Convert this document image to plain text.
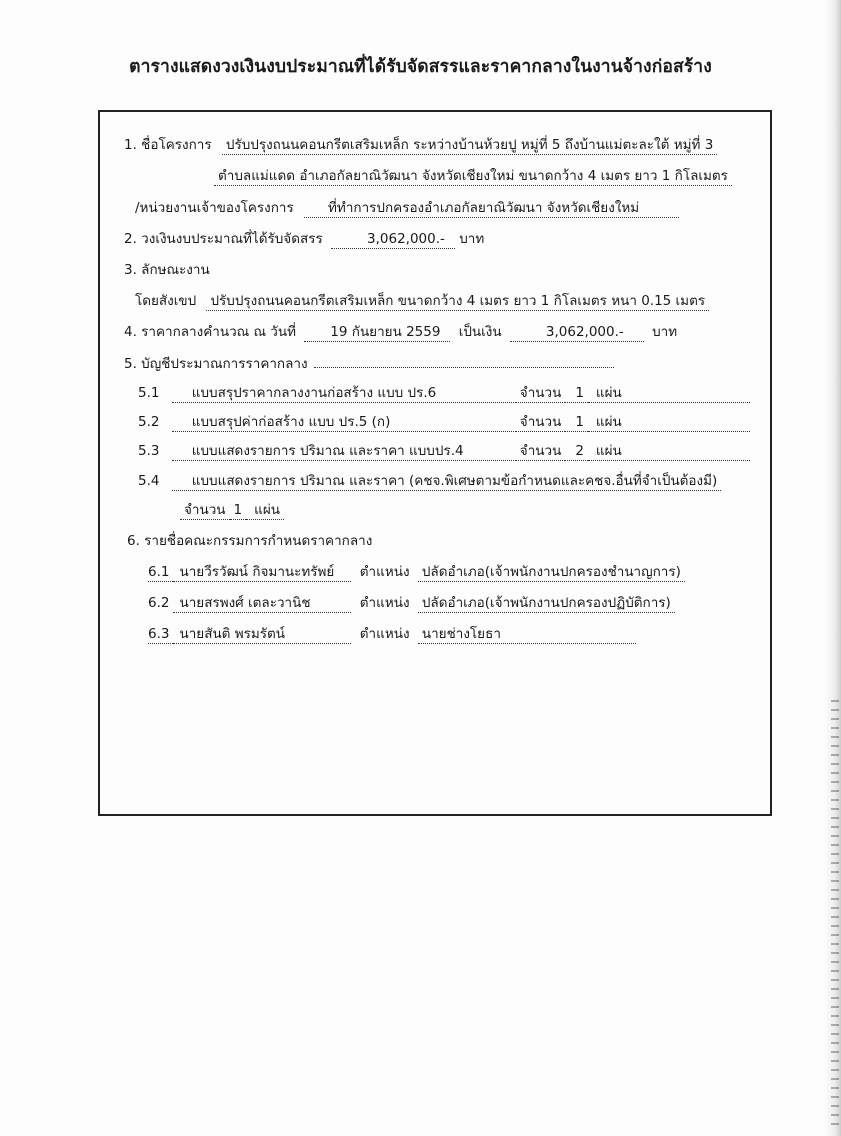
ตารางแสดงวงเงินงบประมาณที่ได้รับจัดสรรและราคากลางในงานจ้างก่อสร้าง
1. ชื่อโครงการ ปรับปรุงถนนคอนกรีตเสริมเหล็ก ระหว่างบ้านห้วยปู หมู่ที่ 5 ถึงบ้านแม่ตะละใต้ หมู่ที่ 3
ตำบลแม่แดด อำเภอกัลยาณิวัฒนา จังหวัดเชียงใหม่ ขนาดกว้าง 4 เมตร ยาว 1 กิโลเมตร
/หน่วยงานเจ้าของโครงการ	ที่ทำการปกครองอำเภอกัลยาณิวัฒนา จังหวัดเชียงใหม่
2. วงเงินงบประมาณที่ได้รับจัดสรร	3,062,000.- บาท
3. ลักษณะงาน
โดยสังเขป ปรับปรุงถนนคอนกรีตเสริมเหล็ก ขนาดกว้าง 4 เมตร ยาว 1 กิโลเมตร หนา 0.15 เมตร
4. ราคากลางคำนวณ ณ วันที่	19 กันยายน 2559 เป็นเงิน	3,062,000.- บาท
5. บัญชีประมาณการราคากลาง
5.1 แบบสรุปราคากลางงานก่อสร้าง แบบ ปร.6	จำนวน 1 แผ่น
5.2 แบบสรุปค่าก่อสร้าง แบบ ปร.5 (ก)	จำนวน 1 แผ่น
5.3 แบบแสดงรายการ ปริมาณ และราคา แบบปร.4	จำนวน 2 แผ่น
5.4 แบบแสดงรายการ ปริมาณ และราคา (คชจ.พิเศษตามข้อกำหนดและคชจ.อื่นที่จำเป็นต้องมี)
จำนวน 1 แผ่น
6. รายชื่อคณะกรรมการกำหนดราคากลาง
6.1 นายวีรวัฒน์ กิจมานะทรัพย์ ตำแหน่ง ปลัดอำเภอ(เจ้าพนักงานปกครองชำนาญการ)
6.2 นายสรพงศ์ เตละวานิช	ตำแหน่ง ปลัดอำเภอ(เจ้าพนักงานปกครองปฏิบัติการ)
6.3 นายสันติ พรมรัตน์	ตำแหน่ง นายช่างโยธา
